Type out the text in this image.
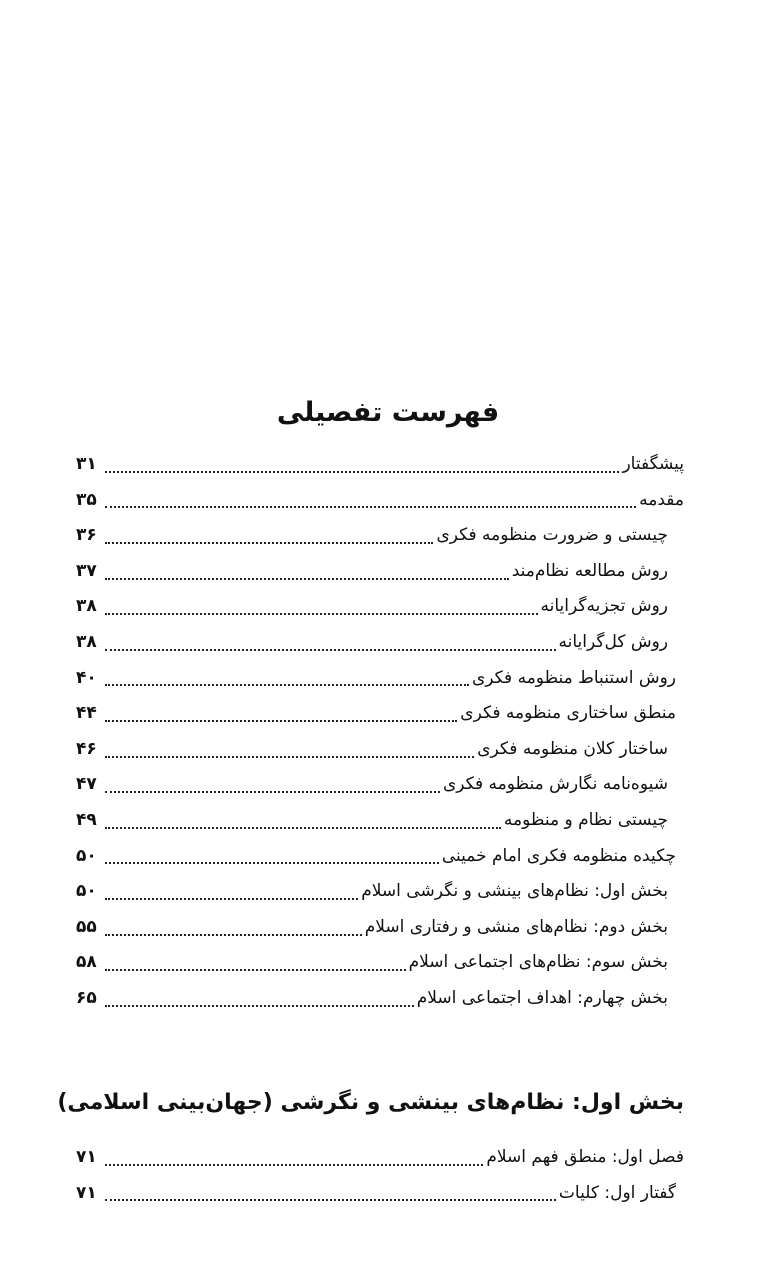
فهرست تفصیلی
پیشگفتار
۳۱
مقدمه
۳۵
چیستی و ضرورت منظومه فکری
۳۶
روش مطالعه نظام‌مند
۳۷
روش تجزیه‌گرایانه
۳۸
روش کل‌گرایانه
۳۸
روش استنباط منظومه فکری
۴۰
منطق ساختاری منظومه فکری
۴۴
ساختار کلان منظومه فکری
۴۶
شیوه‌نامه نگارش منظومه فکری
۴۷
چیستی نظام و منظومه
۴۹
چکیده منظومه فکری امام خمینی
۵۰
بخش اول: نظام‌های بینشی و نگرشی اسلام
۵۰
بخش دوم: نظام‌های منشی و رفتاری اسلام
۵۵
بخش سوم: نظام‌های اجتماعی اسلام
۵۸
بخش چهارم: اهداف اجتماعی اسلام
۶۵
بخش اول: نظام‌های بینشی و نگرشی (جهان‌بینی اسلامی)
فصل اول: منطق فهم اسلام
۷۱
گفتار اول: کلیات
۷۱
